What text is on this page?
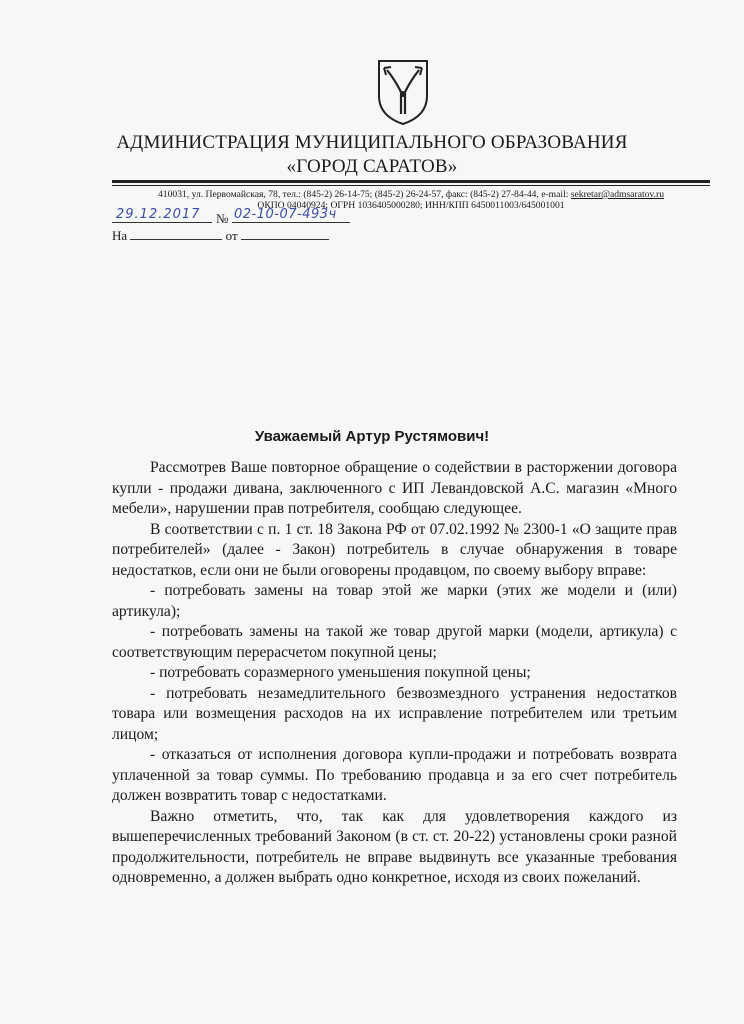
АДМИНИСТРАЦИЯ МУНИЦИПАЛЬНОГО ОБРАЗОВАНИЯ
«ГОРОД САРАТОВ»
410031, ул. Первомайская, 78, тел.: (845-2) 26-14-75; (845-2) 26-24-57, факс: (845-2) 27-84-44, e-mail: sekretar@admsaratov.ru
ОКПО 04040924; ОГРН 1036405000280; ИНН/КПП 6450011003/645001001
29.12.2017 № 02-10-07-493ч
На	от
Уважаемый Артур Рустямович!

Рассмотрев Ваше повторное обращение о содействии в расторжении договора купли - продажи дивана, заключенного с ИП Левандовской А.С. магазин «Много мебели», нарушении прав потребителя, сообщаю следующее.

В соответствии с п. 1 ст. 18 Закона РФ от 07.02.1992 № 2300-1 «О защите прав потребителей» (далее - Закон) потребитель в случае обнаружения в товаре недостатков, если они не были оговорены продавцом, по своему выбору вправе:

- потребовать замены на товар этой же марки (этих же модели и (или) артикула);

- потребовать замены на такой же товар другой марки (модели, артикула) с соответствующим перерасчетом покупной цены;

- потребовать соразмерного уменьшения покупной цены;

- потребовать незамедлительного безвозмездного устранения недостатков товара или возмещения расходов на их исправление потребителем или третьим лицом;

- отказаться от исполнения договора купли-продажи и потребовать возврата уплаченной за товар суммы. По требованию продавца и за его счет потребитель должен возвратить товар с недостатками.

Важно отметить, что, так как для удовлетворения каждого из вышеперечисленных требований Законом (в ст. ст. 20-22) установлены сроки разной продолжительности, потребитель не вправе выдвинуть все указанные требования одновременно, а должен выбрать одно конкретное, исходя из своих пожеланий.
